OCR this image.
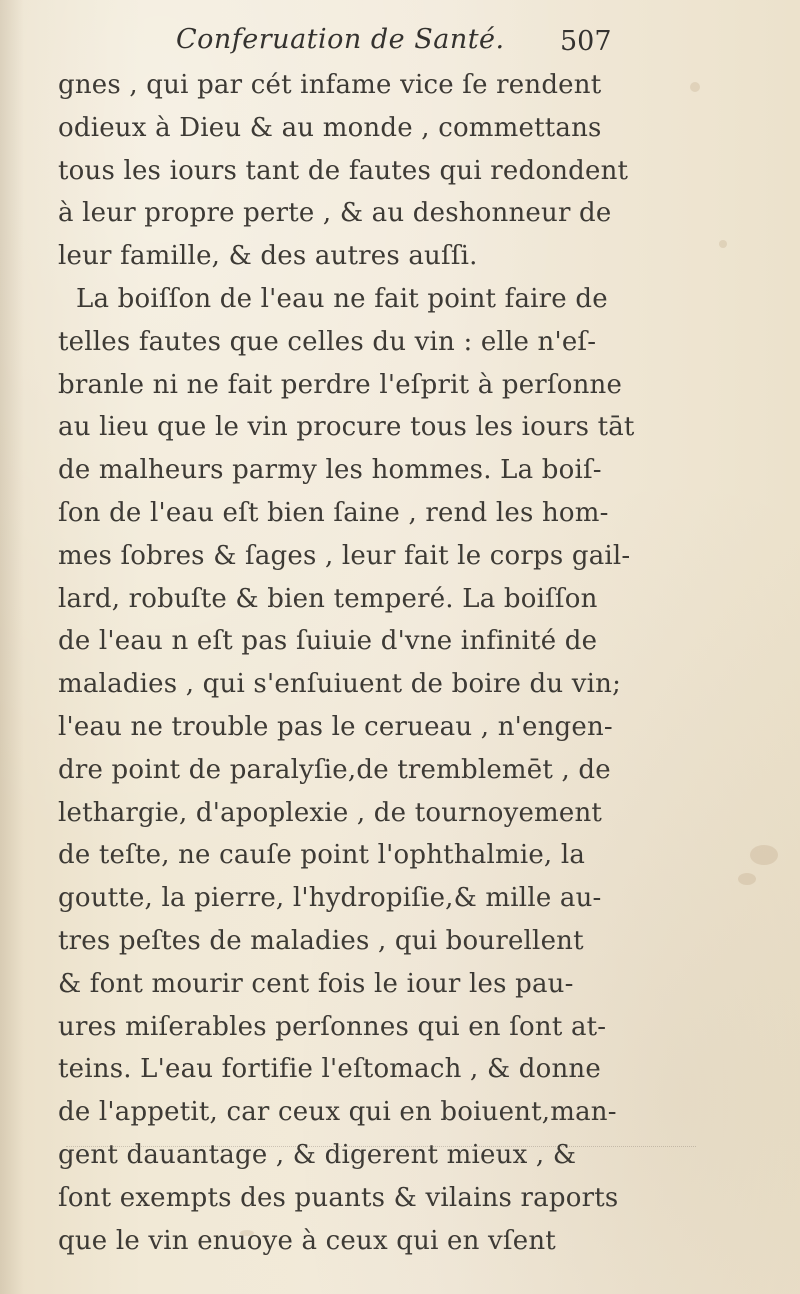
Conferuation de Santé. 507
gnes , qui par cét infame vice ſe rendent
odieux à Dieu & au monde , commettans
tous les iours tant de fautes qui redondent
à leur propre perte , & au deshonneur de
leur famille, & des autres auſſi.
La boiſſon de l'eau ne fait point faire de
telles fautes que celles du vin : elle n'eſ-
branle ni ne fait perdre l'eſprit à perſonne
au lieu que le vin procure tous les iours tāt
de malheurs parmy les hommes. La boiſ-
ſon de l'eau eſt bien ſaine , rend les hom-
mes ſobres & ſages , leur fait le corps gail-
lard, robuſte & bien temperé. La boiſſon
de l'eau n eſt pas ſuiuie d'vne infinité de
maladies , qui s'enſuiuent de boire du vin;
l'eau ne trouble pas le cerueau , n'engen-
dre point de paralyſie,de tremblemēt , de
lethargie, d'apoplexie , de tournoyement
de teſte, ne cauſe point l'ophthalmie, la
goutte, la pierre, l'hydropiſie,& mille au-
tres peſtes de maladies , qui bourellent
& font mourir cent fois le iour les pau-
ures miſerables perſonnes qui en ſont at-
teins. L'eau fortifie l'eſtomach , & donne
de l'appetit, car ceux qui en boiuent,man-
gent dauantage , & digerent mieux , &
ſont exempts des puants & vilains raports
que le vin enuoye à ceux qui en vſent
